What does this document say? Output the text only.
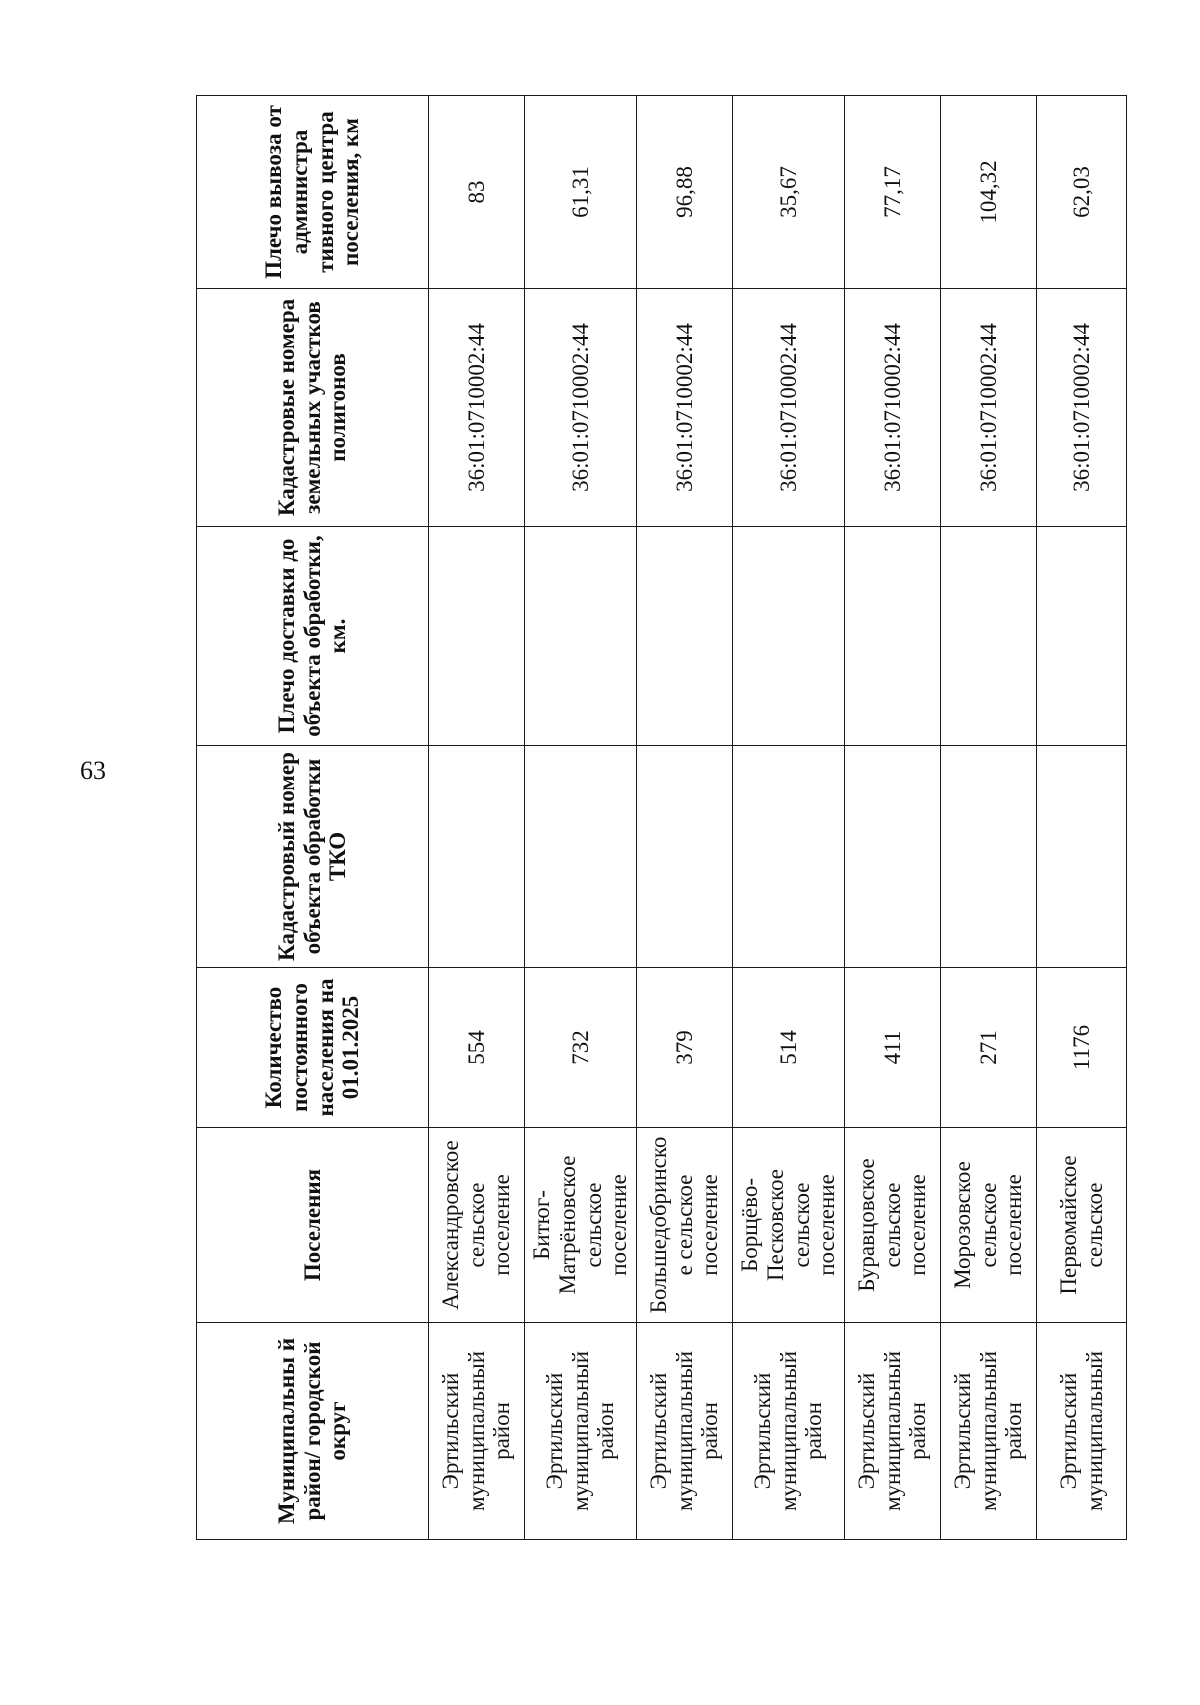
63
Муниципальны й район/ городской округ	Поселения	Количество постоянного населения на 01.01.2025	Кадастровый номер объекта обработки ТКО	Плечо доставки до объекта обработки, км.	Кадастровые номера земельных участков полигонов	Плечо вывоза от администра тивного центра поселения, км
Эртильский муниципальный район	Александровское сельское поселение	554			36:01:0710002:44	83
Эртильский муниципальный район	Битюг-Матрёновское сельское поселение	732			36:01:0710002:44	61,31
Эртильский муниципальный район	Большедобринско е сельское поселение	379			36:01:0710002:44	96,88
Эртильский муниципальный район	Борщёво-Песковское сельское поселение	514			36:01:0710002:44	35,67
Эртильский муниципальный район	Буравцовское сельское поселение	411			36:01:0710002:44	77,17
Эртильский муниципальный район	Морозовское сельское поселение	271			36:01:0710002:44	104,32
Эртильский муниципальный	Первомайское сельское	1176			36:01:0710002:44	62,03
